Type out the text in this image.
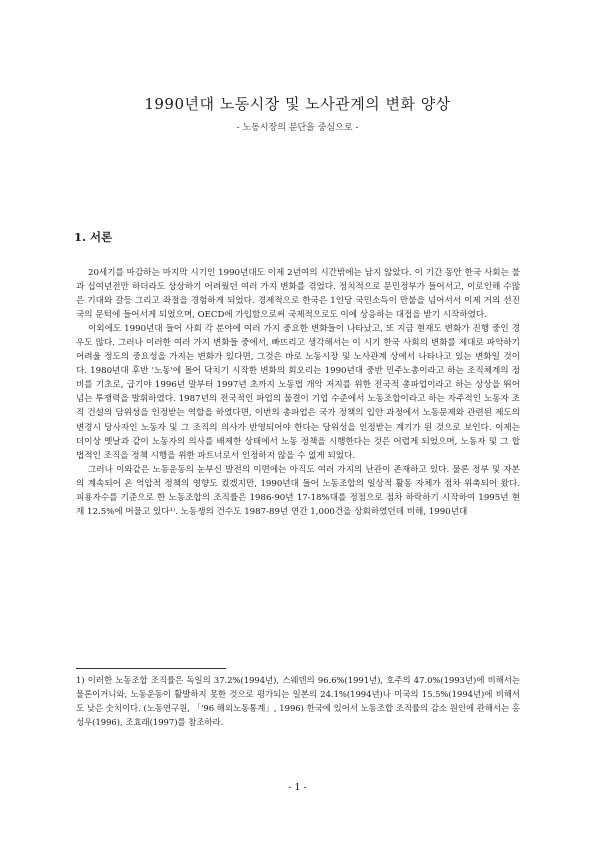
1990년대 노동시장 및 노사관계의 변화 양상
- 노동시장의 분단을 중심으로 -
1. 서론

20세기를 마감하는 마지막 시기인 1990년대도 이제 2년여의 시간밖에는 남지 않았다. 이 기간 동안 한국 사회는 불과 십여년전만 하더라도 상상하기 어려웠던 여러 가지 변화를 겪었다. 정치적으로 문민정부가 들어서고, 이로인해 수많은 기대와 갈등 그리고 좌절을 경험하게 되었다. 경제적으로 한국은 1인당 국민소득이 만불을 넘어서서 이제 거의 선진국의 문턱에 들어서게 되었으며, OECD에 가입함으로써 국제적으로도 이에 상응하는 대접을 받기 시작하였다.

이외에도 1990년대 들어 사회 각 분야에 여러 가지 중요한 변화들이 나타났고, 또 지금 현재도 변화가 진행 중인 경우도 많다. 그러나 이러한 여러 가지 변화들 중에서, 빠뜨리고 생각해서는 이 시기 한국 사회의 변화를 제대로 파악하기 어려울 정도의 중요성을 가지는 변화가 있다면, 그것은 바로 노동시장 및 노사관계 상에서 나타나고 있는 변화일 것이다. 1980년대 후반 '노동'에 몰어 닥치기 시작한 변화의 회오리는 1990년대 중반 민주노총이라고 하는 조직체계의 정비를 기초로, 급기야 1996년 말부터 1997년 초까지 노동법 개악 저지를 위한 전국적 총파업이라고 하는 상상을 뛰어 넘는 투쟁력을 발휘하였다. 1987년의 전국적인 파업의 물결이 기업 수준에서 노동조합이라고 하는 자주적인 노동자 조직 건설의 담위성을 인정받는 역할을 하였다면, 이번의 총파업은 국가 정책의 입안 과정에서 노동문제와 관련된 제도의 변경시 당사자인 노동자 및 그 조직의 의사가 반영되어야 한다는 당위성을 인정받는 계기가 된 것으로 보인다. 이제는 더이상 옛날과 같이 노동자의 의사를 배제한 상태에서 노동 정책을 시행한다는 것은 어렵게 되었으며, 노동자 및 그 합법적인 조직을 정책 시행을 위한 파트너로서 인정하지 않을 수 없게 되었다.

그러나 이와같은 노동운동의 눈부신 발전의 이면에는 아직도 여러 가지의 난관이 존재하고 있다. 물론 정부 및 자본의 계속되어 온 억압적 정책의 영향도 컸겠지만, 1990년대 들어 노동조합의 일상적 활동 자체가 점차 위축되어 왔다. 피용자수를 기준으로 한 노동조합의 조직률은 1986-90년 17-18%대를 정점으로 점차 하락하기 시작하여 1995년 현재 12.5%에 머물고 있다¹⁾. 노동쟁의 건수도 1987-89년 연간 1,000건을 상회하였던데 비해, 1990년대

1) 이러한 노동조합 조직률은 독일의 37.2%(1994년), 스웨덴의 96.6%(1991년), 호주의 47.0%(1993년)에 비해서는 물론이거니와, 노동운동이 활발하지 못한 것으로 평가되는 일본의 24.1%(1994년)나 미국의 15.5%(1994년)에 비해서도 낮은 숫치이다. (노동연구원, 「'96 해외노동통계」, 1996) 한국에 있어서 노동조합 조직률의 감소 원인에 관해서는 홍성우(1996), 조효래(1997)를 참조하라.
- 1 -
